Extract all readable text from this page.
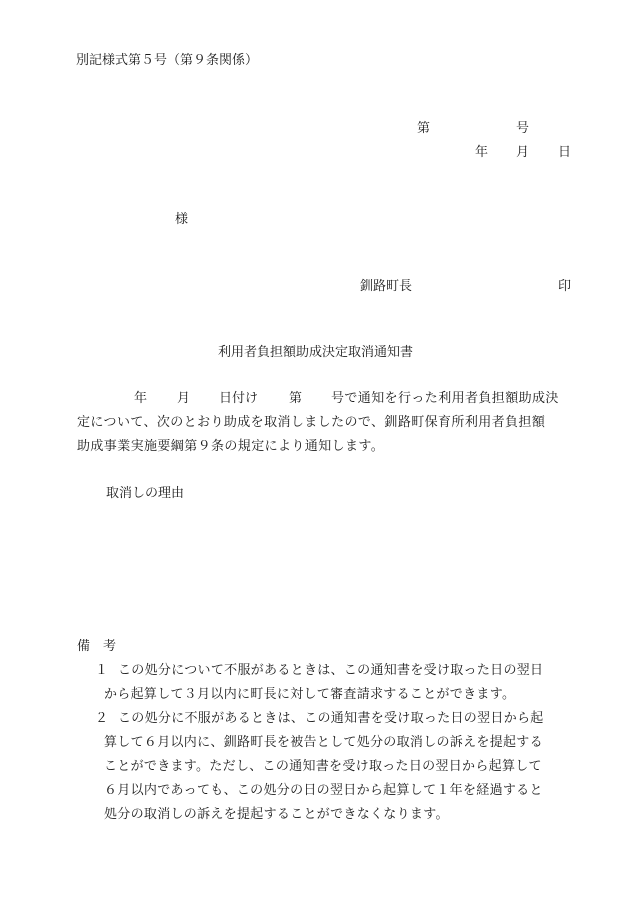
別記様式第５号（第９条関係）
第	号
年 月 日
様
釧路町長	印
利用者負担額助成決定取消通知書
年 月 日付け 第 号で通知を行った利用者負担額助成決
定について、次のとおり助成を取消しましたので、釧路町保育所利用者負担額
助成事業実施要綱第９条の規定により通知します。
取消しの理由
備　考
１ この処分について不服があるときは、この通知書を受け取った日の翌日
から起算して３月以内に町長に対して審査請求することができます。
２ この処分に不服があるときは、この通知書を受け取った日の翌日から起
算して６月以内に、釧路町長を被告として処分の取消しの訴えを提起する
ことができます。ただし、この通知書を受け取った日の翌日から起算して
６月以内であっても、この処分の日の翌日から起算して１年を経過すると
処分の取消しの訴えを提起することができなくなります。
